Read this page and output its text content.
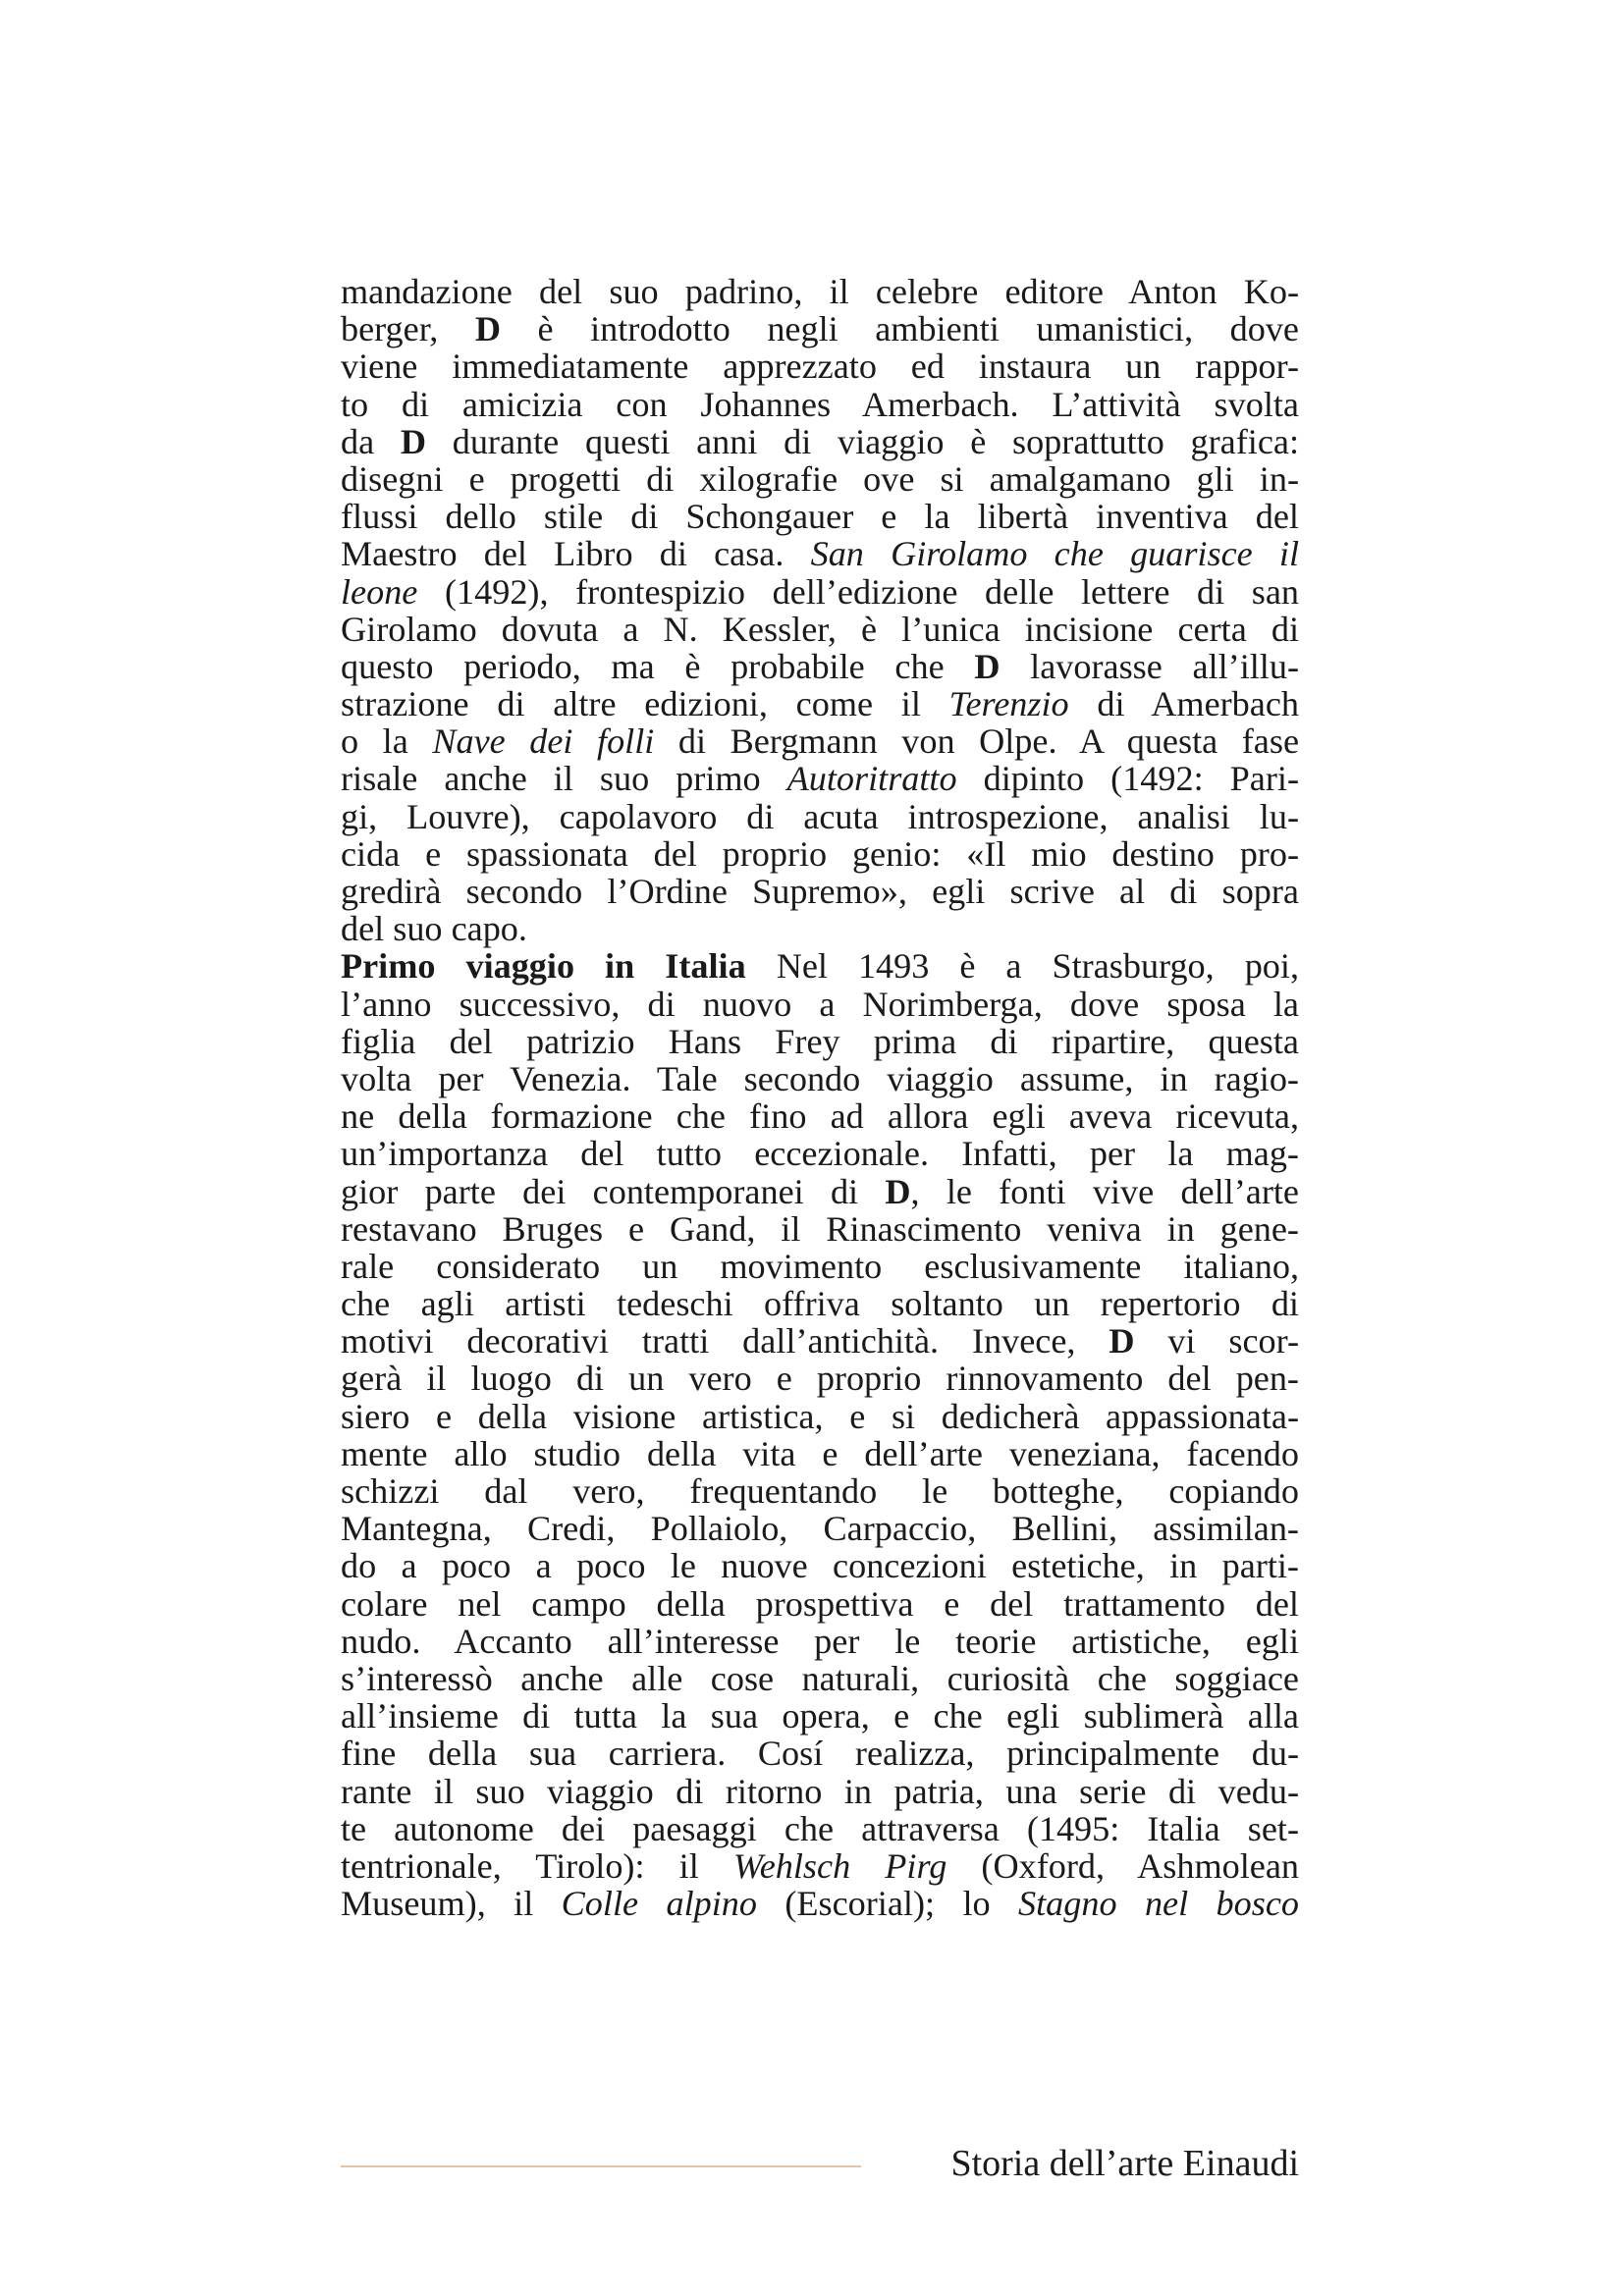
mandazione del suo padrino, il celebre editore Anton Ko-
berger, D è introdotto negli ambienti umanistici, dove
viene immediatamente apprezzato ed instaura un rappor-
to di amicizia con Johannes Amerbach. L’attività svolta
da D durante questi anni di viaggio è soprattutto grafica:
disegni e progetti di xilografie ove si amalgamano gli in-
flussi dello stile di Schongauer e la libertà inventiva del
Maestro del Libro di casa. San Girolamo che guarisce il
leone (1492), frontespizio dell’edizione delle lettere di san
Girolamo dovuta a N. Kessler, è l’unica incisione certa di
questo periodo, ma è probabile che D lavorasse all’illu-
strazione di altre edizioni, come il Terenzio di Amerbach
o la Nave dei folli di Bergmann von Olpe. A questa fase
risale anche il suo primo Autoritratto dipinto (1492: Pari-
gi, Louvre), capolavoro di acuta introspezione, analisi lu-
cida e spassionata del proprio genio: «Il mio destino pro-
gredirà secondo l’Ordine Supremo», egli scrive al di sopra
del suo capo.
Primo viaggio in Italia Nel 1493 è a Strasburgo, poi,
l’anno successivo, di nuovo a Norimberga, dove sposa la
figlia del patrizio Hans Frey prima di ripartire, questa
volta per Venezia. Tale secondo viaggio assume, in ragio-
ne della formazione che fino ad allora egli aveva ricevuta,
un’importanza del tutto eccezionale. Infatti, per la mag-
gior parte dei contemporanei di D, le fonti vive dell’arte
restavano Bruges e Gand, il Rinascimento veniva in gene-
rale considerato un movimento esclusivamente italiano,
che agli artisti tedeschi offriva soltanto un repertorio di
motivi decorativi tratti dall’antichità. Invece, D vi scor-
gerà il luogo di un vero e proprio rinnovamento del pen-
siero e della visione artistica, e si dedicherà appassionata-
mente allo studio della vita e dell’arte veneziana, facendo
schizzi dal vero, frequentando le botteghe, copiando
Mantegna, Credi, Pollaiolo, Carpaccio, Bellini, assimilan-
do a poco a poco le nuove concezioni estetiche, in parti-
colare nel campo della prospettiva e del trattamento del
nudo. Accanto all’interesse per le teorie artistiche, egli
s’interessò anche alle cose naturali, curiosità che soggiace
all’insieme di tutta la sua opera, e che egli sublimerà alla
fine della sua carriera. Cosí realizza, principalmente du-
rante il suo viaggio di ritorno in patria, una serie di vedu-
te autonome dei paesaggi che attraversa (1495: Italia set-
tentrionale, Tirolo): il Wehlsch Pirg (Oxford, Ashmolean
Museum), il Colle alpino (Escorial); lo Stagno nel bosco
Storia dell’arte Einaudi
